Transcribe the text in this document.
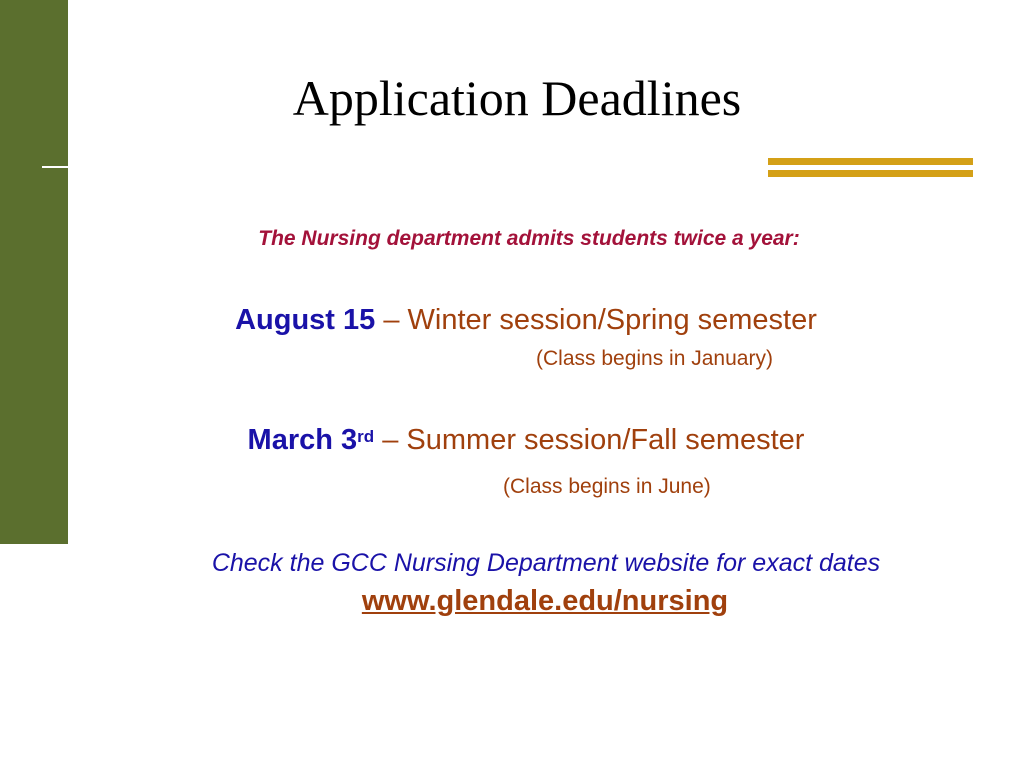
Application Deadlines
The Nursing department admits students twice a year:
August 15 – Winter session/Spring semester
(Class begins in January)
March 3rd – Summer session/Fall semester
(Class begins in June)
Check the GCC Nursing Department website for exact dates
www.glendale.edu/nursing
